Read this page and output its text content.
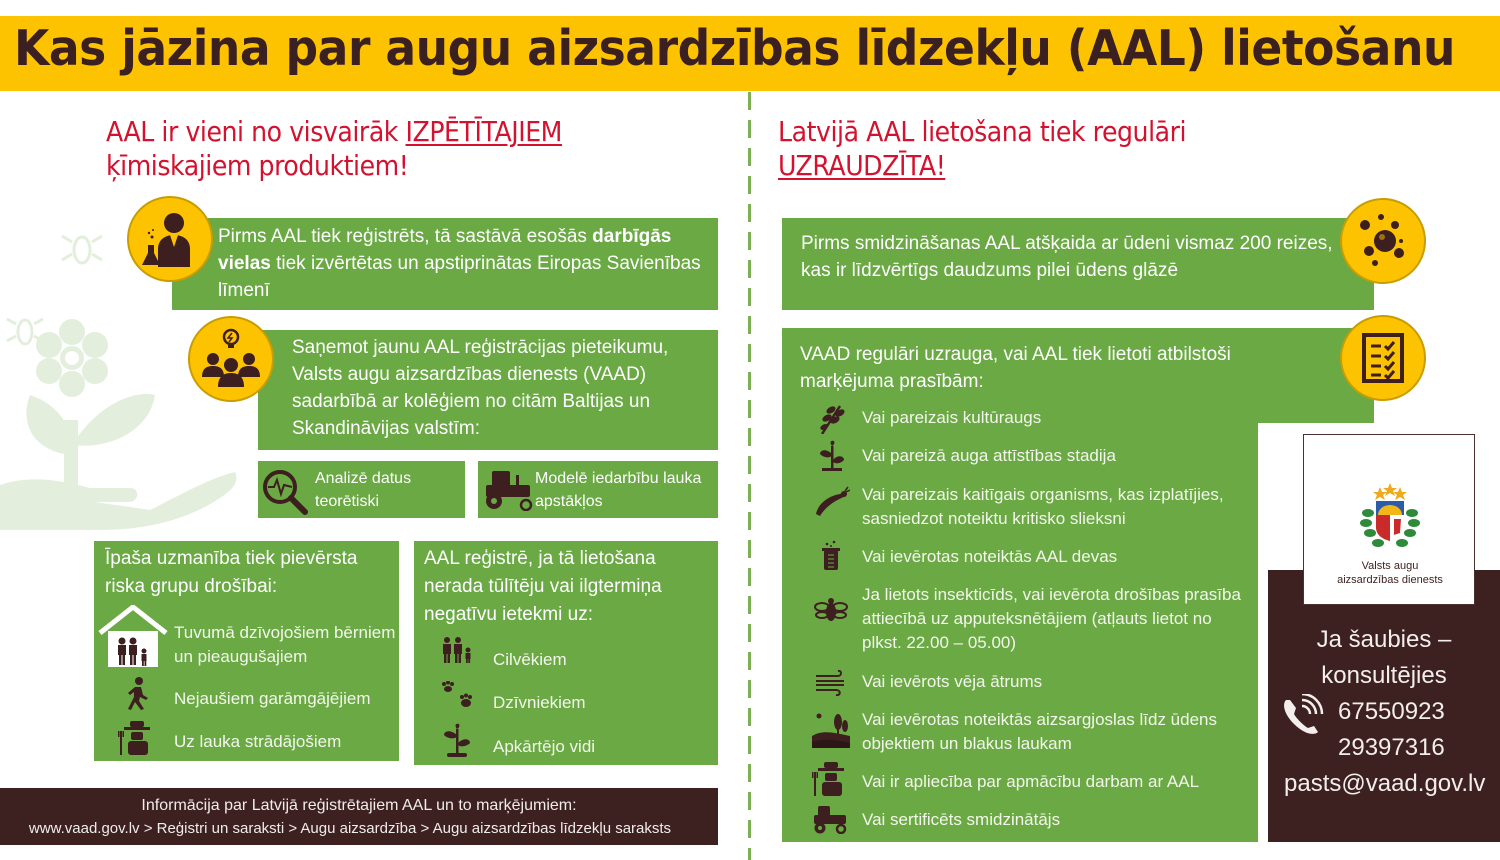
Kas jāzina par augu aizsardzības līdzekļu (AAL) lietošanu
AAL ir vieni no visvairāk IZPĒTĪTAJIEM
ķīmiskajiem produktiem!
Pirms AAL tiek reģistrēts, tā sastāvā esošās darbīgās vielas tiek izvērtētas un apstiprinātas Eiropas Savienības līmenī
Saņemot jaunu AAL reģistrācijas pieteikumu, Valsts augu aizsardzības dienests (VAAD) sadarbībā ar kolēģiem no citām Baltijas un Skandināvijas valstīm:
Analizē datus teorētiski
Modelē iedarbību lauka apstākļos
Īpaša uzmanība tiek pievērsta riska grupu drošībai:
Tuvumā dzīvojošiem bērniem un pieaugušajiem
Nejaušiem garāmgājējiem
Uz lauka strādājošiem
AAL reģistrē, ja tā lietošana nerada tūlītēju vai ilgtermiņa negatīvu ietekmi uz:
Cilvēkiem
Dzīvniekiem
Apkārtējo vidi
Informācija par Latvijā reģistrētajiem AAL un to marķējumiem:
www.vaad.gov.lv > Reģistri un saraksti > Augu aizsardzība > Augu aizsardzības līdzekļu saraksts
Latvijā AAL lietošana tiek regulāri
UZRAUDZĪTA!
Pirms smidzināšanas AAL atšķaida ar ūdeni vismaz 200 reizes, kas ir līdzvērtīgs daudzums pilei ūdens glāzē
VAAD regulāri uzrauga, vai AAL tiek lietoti atbilstoši marķējuma prasībām:
Vai pareizais kultūraugs
Vai pareizā auga attīstības stadija
Vai pareizais kaitīgais organisms, kas izplatījies, sasniedzot noteiktu kritisko slieksni
Vai ievērotas noteiktās AAL devas
Ja lietots insekticīds, vai ievērota drošības prasība attiecībā uz apputeksnētājiem (atļauts lietot no plkst. 22.00 – 05.00)
Vai ievērots vēja ātrums
Vai ievērotas noteiktās aizsargjoslas līdz ūdens objektiem un blakus laukam
Vai ir apliecība par apmācību darbam ar AAL
Vai sertificēts smidzinātājs
Ja šaubies –
konsultējies
67550923
29397316
pasts@vaad.gov.lv
Valsts augu
aizsardzības dienests
